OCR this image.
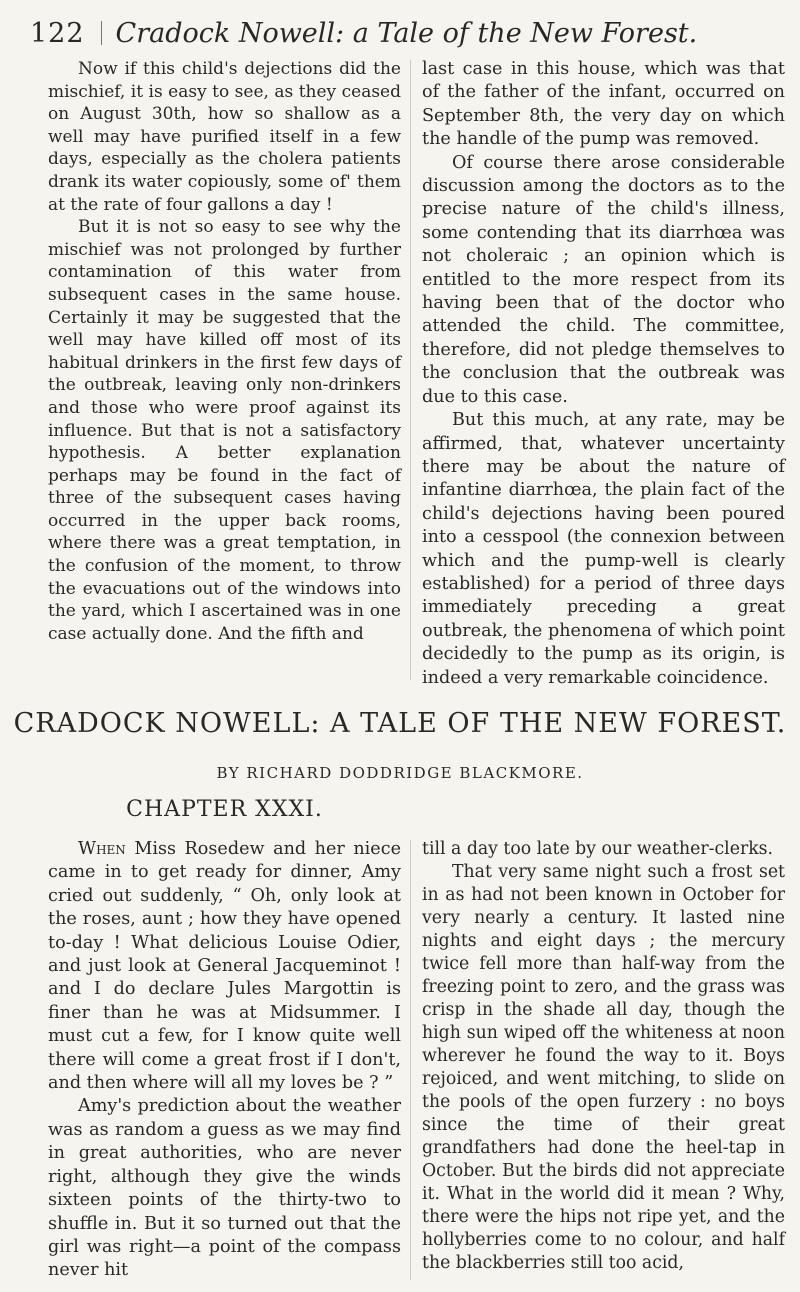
122 Cradock Nowell: a Tale of the New Forest.

Now if this child's dejections did the mischief, it is easy to see, as they ceased on August 30th, how so shallow as a well may have purified itself in a few days, especially as the cholera patients drank its water copiously, some of' them at the rate of four gallons a day !

But it is not so easy to see why the mischief was not prolonged by further contamination of this water from subsequent cases in the same house. Certainly it may be suggested that the well may have killed off most of its habitual drinkers in the first few days of the outbreak, leaving only non-drinkers and those who were proof against its influence. But that is not a satisfactory hypothesis. A better explanation perhaps may be found in the fact of three of the subsequent cases having occurred in the upper back rooms, where there was a great temptation, in the confusion of the moment, to throw the evacuations out of the windows into the yard, which I ascertained was in one case actually done. And the fifth and

last case in this house, which was that of the father of the infant, occurred on September 8th, the very day on which the handle of the pump was removed.

Of course there arose considerable discussion among the doctors as to the precise nature of the child's illness, some contending that its diarrhœa was not choleraic ; an opinion which is entitled to the more respect from its having been that of the doctor who attended the child. The committee, therefore, did not pledge themselves to the conclusion that the outbreak was due to this case.

But this much, at any rate, may be affirmed, that, whatever uncertainty there may be about the nature of infantine diarrhœa, the plain fact of the child's dejections having been poured into a cesspool (the connexion between which and the pump-well is clearly established) for a period of three days immediately preceding a great outbreak, the phenomena of which point decidedly to the pump as its origin, is indeed a very remarkable coincidence.

CRADOCK NOWELL: A TALE OF THE NEW FOREST.
BY RICHARD DODDRIDGE BLACKMORE.
CHAPTER XXXI.

When Miss Rosedew and her niece came in to get ready for dinner, Amy cried out suddenly, “ Oh, only look at the roses, aunt ; how they have opened to-day ! What delicious Louise Odier, and just look at General Jacqueminot ! and I do declare Jules Margottin is finer than he was at Midsummer. I must cut a few, for I know quite well there will come a great frost if I don't, and then where will all my loves be ? ”

Amy's prediction about the weather was as random a guess as we may find in great authorities, who are never right, although they give the winds sixteen points of the thirty-two to shuffle in. But it so turned out that the girl was right—a point of the compass never hit

till a day too late by our weather-clerks.

That very same night such a frost set in as had not been known in October for very nearly a century. It lasted nine nights and eight days ; the mercury twice fell more than half-way from the freezing point to zero, and the grass was crisp in the shade all day, though the high sun wiped off the whiteness at noon wherever he found the way to it. Boys rejoiced, and went mitching, to slide on the pools of the open furzery : no boys since the time of their great grandfathers had done the heel-tap in October. But the birds did not appreciate it. What in the world did it mean ? Why, there were the hips not ripe yet, and the hollyberries come to no colour, and half the blackberries still too acid,
